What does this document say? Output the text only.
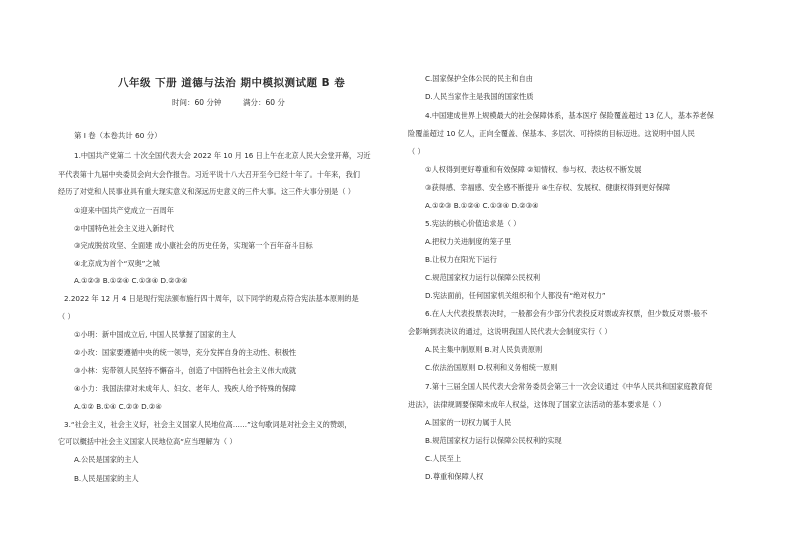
八年级 下册 道德与法治 期中模拟测试题 B 卷
时间：60 分钟	满分：60 分
第 I 卷（本卷共计 60 分）
1.中国共产党第二 十次全国代表大会 2022 年 10 月 16 日上午在北京人民大会堂开幕，习近
平代表第十九届中央委员会向大会作报告。习近平说十八大召开至今已经十年了。十年来，我们
经历了对党和人民事业具有重大现实意义和深远历史意义的三件大事。这三件大事分别是（ ）
①迎来中国共产党成立一百周年
②中国特色社会主义进入新时代
③完成脱贫攻坚、全面建 成小康社会的历史任务，实现第一个百年奋斗目标
④北京成为首个“双奥”之城
A.①②③ B.①②④ C.①③④ D.②③④
2.2022 年 12 月 4 日是现行宪法颁布施行四十周年，以下同学的观点符合宪法基本原则的是
（ ）
①小明：新中国成立后, 中国人民掌握了国家的主人
②小玫：国家要遵循中央的统一领导，充分发挥自身的主动性、积极性
③小林：宪带领人民坚持不懈奋斗，创造了中国特色社会主义伟大成就
④小力：我国法律对未成年人、妇女、老年人、残疾人给予特殊的保障
A.①② B.①④ C.②③ D.②④
3.“社会主义，社会主义好，社会主义国家人民地位高……”这句歌词是对社会主义的赞颂，
它可以概括中社会主义国家人民地位高“应当理解为（ ）
A.公民是国家的主人
B.人民是国家的主人
C.国家保护全体公民的民主和自由
D.人民当家作主是我国的国家性质
4.中国建成世界上规模最大的社会保障体系，基本医疗 保险覆盖超过 13 亿人，基本养老保
险覆盖超过 10 亿人，正向全覆盖、保基本、多层次、可持续的目标迈进。这说明中国人民
（ ）
①人权得到更好尊重和有效保障 ②知情权、参与权、表达权不断发展
③获得感、幸福感、安全感不断提升 ④生存权、发展权、健康权得到更好保障
A.①②③ B.①②④ C.①③④ D.②③④
5.宪法的核心价值追求是（ ）
A.把权力关进制度的笼子里
B.让权力在阳光下运行
C.规范国家权力运行以保障公民权利
D.宪法面前，任何国家机关组织和个人都没有“绝对权力”
6.在人大代表投票表决时，一般都会有少部分代表投反对票或弃权票，但少数反对票-般不
会影响到表决议的通过，这说明我国人民代表大会制度实行（ ）
A.民主集中制原则 B.对人民负责原则
C.依法治国原则 D.权利和义务相统一原则
7.第十三届全国人民代表大会常务委员会第三十一次会议通过《中华人民共和国家庭教育促
进法》，法律规调要保障未成年人权益，这体现了国家立法活动的基本要求是（ ）
A.国家的一切权力属于人民
B.规范国家权力运行以保障公民权利的实现
C.人民至上
D.尊重和保障人权
